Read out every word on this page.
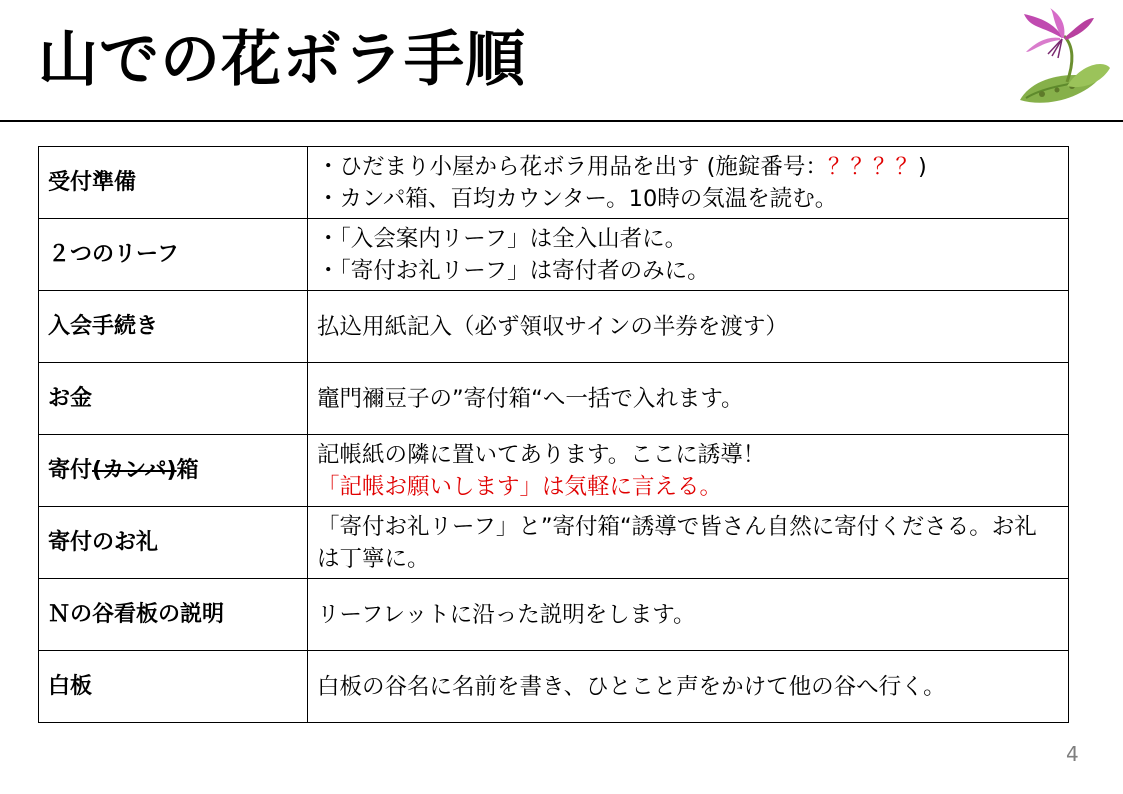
山での花ボラ手順
受付準備	・ひだまり小屋から花ボラ用品を出す (施錠番号：？？？？)
・カンパ箱、百均カウンター。10時の気温を読む。

２つのリーフ	・「入会案内リーフ」は全入山者に。
・「寄付お礼リーフ」は寄付者のみに。

入会手続き	払込用紙記入（必ず領収サインの半券を渡す）

お金	竈門禰豆子の”寄付箱“へ一括で入れます。

寄付(カンパ)箱	記帳紙の隣に置いてあります。ここに誘導！
「記帳お願いします」は気軽に言える。

寄付のお礼	「寄付お礼リーフ」と”寄付箱“誘導で皆さん自然に寄付くださる。お礼は丁寧に。

Ｎの谷看板の説明	リーフレットに沿った説明をします。

白板	白板の谷名に名前を書き、ひとこと声をかけて他の谷へ行く。
4
